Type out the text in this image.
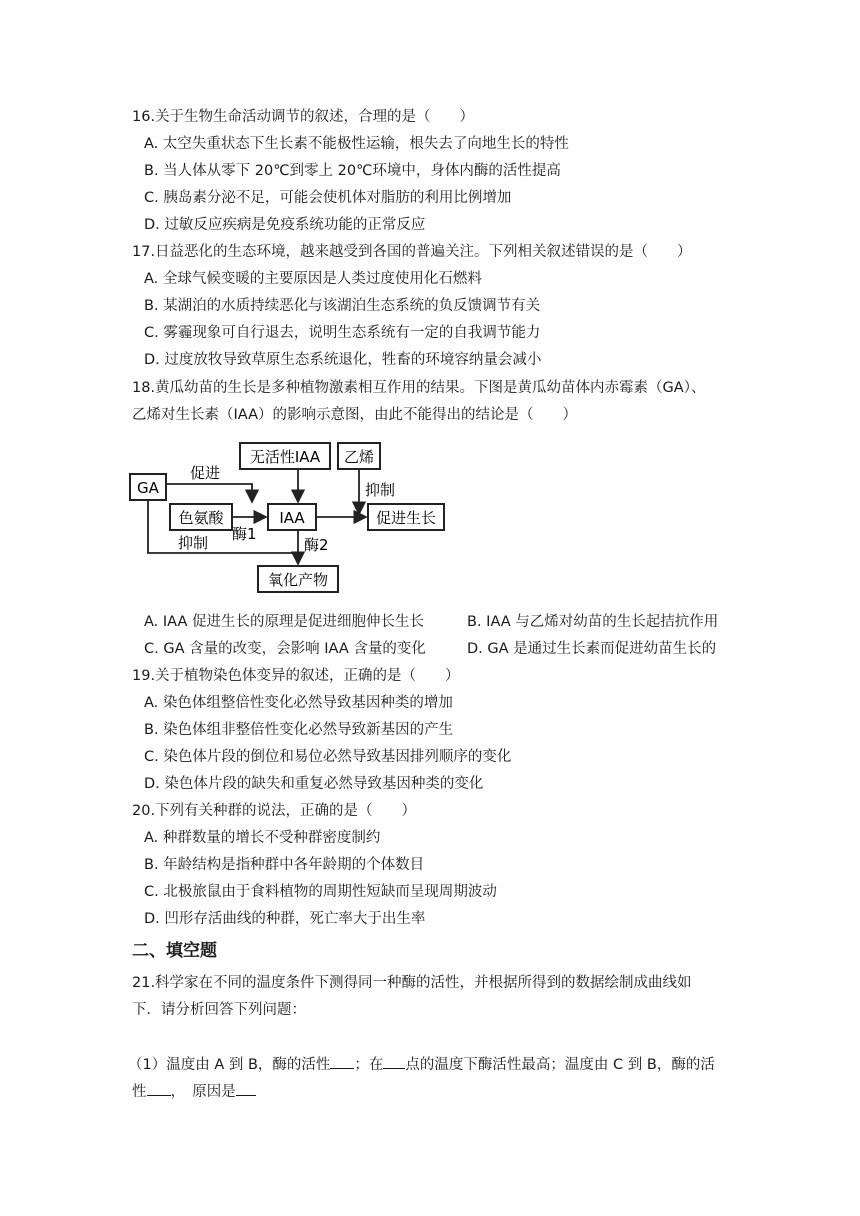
16.关于生物生命活动调节的叙述，合理的是（　　）
A. 太空失重状态下生长素不能极性运输，根失去了向地生长的特性
B. 当人体从零下 20℃到零上 20℃环境中，身体内酶的活性提高
C. 胰岛素分泌不足，可能会使机体对脂肪的利用比例增加
D. 过敏反应疾病是免疫系统功能的正常反应
17.日益恶化的生态环境，越来越受到各国的普遍关注。下列相关叙述错误的是（　　）
A. 全球气候变暖的主要原因是人类过度使用化石燃料
B. 某湖泊的水质持续恶化与该湖泊生态系统的负反馈调节有关
C. 雾霾现象可自行退去，说明生态系统有一定的自我调节能力
D. 过度放牧导致草原生态系统退化，牲畜的环境容纳量会减小
18.黄瓜幼苗的生长是多种植物激素相互作用的结果。下图是黄瓜幼苗体内赤霉素（GA）、
乙烯对生长素（IAA）的影响示意图，由此不能得出的结论是（　　）
无活性IAA 乙烯
GA
色氨酸	IAA	促进生长
氧化产物
促进
酶1
抑制
抑制	酶2
A. IAA 促进生长的原理是促进细胞伸长生长	B. IAA 与乙烯对幼苗的生长起拮抗作用
C. GA 含量的改变，会影响 IAA 含量的变化	D. GA 是通过生长素而促进幼苗生长的
19.关于植物染色体变异的叙述，正确的是（　　）
A. 染色体组整倍性变化必然导致基因种类的增加
B. 染色体组非整倍性变化必然导致新基因的产生
C. 染色体片段的倒位和易位必然导致基因排列顺序的变化
D. 染色体片段的缺失和重复必然导致基因种类的变化
20.下列有关种群的说法，正确的是（　　）
A. 种群数量的增长不受种群密度制约
B. 年龄结构是指种群中各年龄期的个体数目
C. 北极旅鼠由于食料植物的周期性短缺而呈现周期波动
D. 凹形存活曲线的种群，死亡率大于出生率
二、填空题
21.科学家在不同的温度条件下测得同一种酶的活性，并根据所得到的数据绘制成曲线如
下．请分析回答下列问题：
（1）温度由 A 到 B，酶的活性 ；在 点的温度下酶活性最高；温度由 C 到 B，酶的活
性 ，　原因是
